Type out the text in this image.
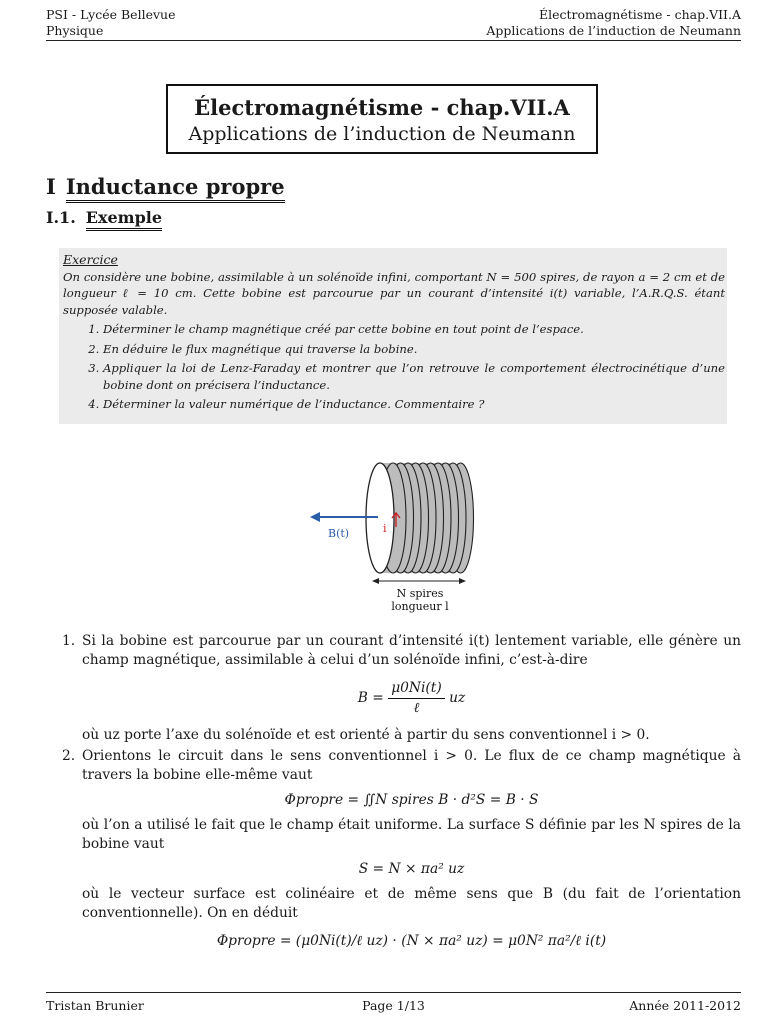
PSI - Lycée Bellevue
Physique
Électromagnétisme - chap.VII.A
Applications de l’induction de Neumann
Électromagnétisme - chap.VII.A
Applications de l’induction de Neumann
I Inductance propre
I.1. Exemple
Exercice
On considère une bobine, assimilable à un solénoïde infini, comportant N = 500 spires, de rayon a = 2 cm et de longueur ℓ = 10 cm. Cette bobine est parcourue par un courant d’intensité i(t) variable, l’A.R.Q.S. étant supposée valable.
1. Déterminer le champ magnétique créé par cette bobine en tout point de l’espace.
2. En déduire le flux magnétique qui traverse la bobine.
3. Appliquer la loi de Lenz-Faraday et montrer que l’on retrouve le comportement électrocinétique d’une bobine dont on précisera l’inductance.
4. Déterminer la valeur numérique de l’inductance. Commentaire ?
B(t)	i
N spires
longueur l
1. Si la bobine est parcourue par un courant d’intensité i(t) lentement variable, elle génère un champ magnétique, assimilable à celui d’un solénoïde infini, c’est-à-dire
$B = \frac{\mu 0Ni(t)}{\text{ℓ}}$ uz
où uz porte l’axe du solénoïde et est orienté à partir du sens conventionnel i > 0.
2. Orientons le circuit dans le sens conventionnel i > 0. Le flux de ce champ magnétique à travers la bobine elle-même vaut
Φpropre = ∬N spires B · d²S = B · S
où l’on a utilisé le fait que le champ était uniforme. La surface S définie par les N spires de la bobine vaut
S = N × πa² uz
où le vecteur surface est colinéaire et de même sens que B (du fait de l’orientation conventionnelle). On en déduit
Φpropre = (μ0Ni(t)/ℓ uz) · (N × πa² uz) = μ0N² πa²/ℓ i(t)
Tristan Brunier	Page 1/13	Année 2011-2012
